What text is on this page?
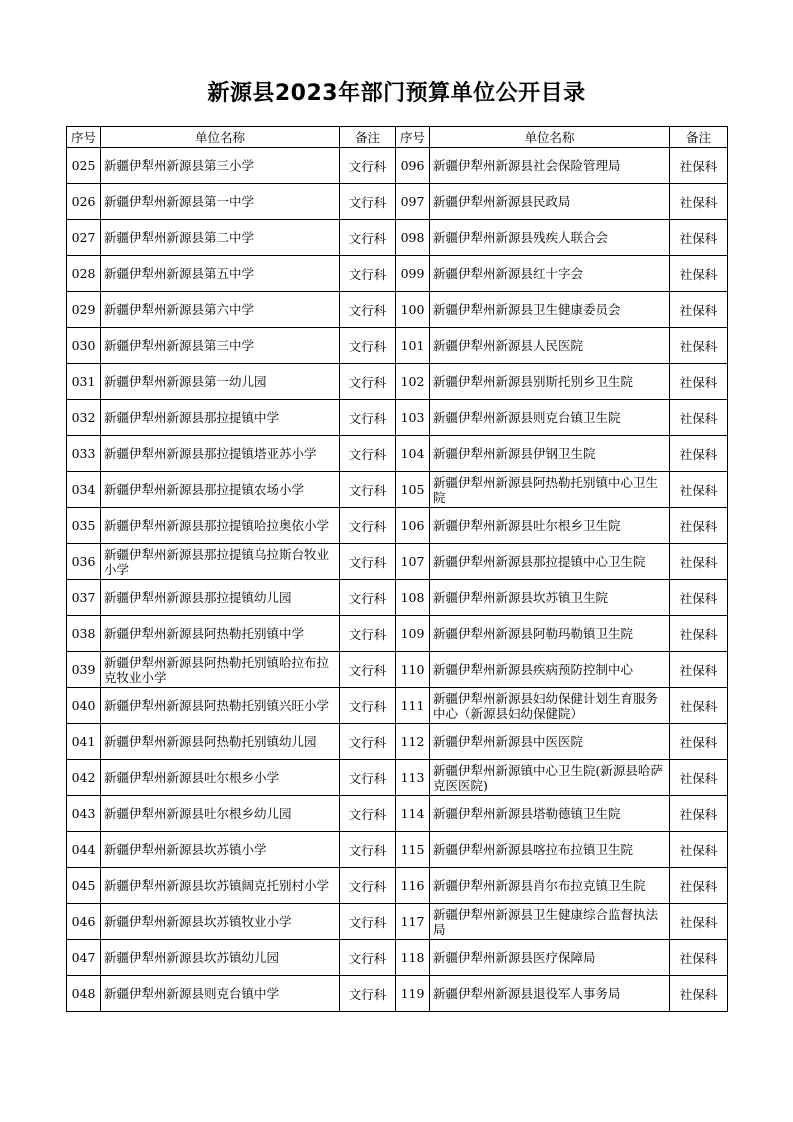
新源县2023年部门预算单位公开目录
序号	单位名称	备注	序号	单位名称	备注
025	新疆伊犁州新源县第三小学	文行科	096	新疆伊犁州新源县社会保险管理局	社保科
026	新疆伊犁州新源县第一中学	文行科	097	新疆伊犁州新源县民政局	社保科
027	新疆伊犁州新源县第二中学	文行科	098	新疆伊犁州新源县残疾人联合会	社保科
028	新疆伊犁州新源县第五中学	文行科	099	新疆伊犁州新源县红十字会	社保科
029	新疆伊犁州新源县第六中学	文行科	100	新疆伊犁州新源县卫生健康委员会	社保科
030	新疆伊犁州新源县第三中学	文行科	101	新疆伊犁州新源县人民医院	社保科
031	新疆伊犁州新源县第一幼儿园	文行科	102	新疆伊犁州新源县别斯托别乡卫生院	社保科
032	新疆伊犁州新源县那拉提镇中学	文行科	103	新疆伊犁州新源县则克台镇卫生院	社保科
033	新疆伊犁州新源县那拉提镇塔亚苏小学	文行科	104	新疆伊犁州新源县伊钢卫生院	社保科
034	新疆伊犁州新源县那拉提镇农场小学	文行科	105	新疆伊犁州新源县阿热勒托别镇中心卫生院	社保科
035	新疆伊犁州新源县那拉提镇哈拉奥依小学	文行科	106	新疆伊犁州新源县吐尔根乡卫生院	社保科
036	新疆伊犁州新源县那拉提镇乌拉斯台牧业小学	文行科	107	新疆伊犁州新源县那拉提镇中心卫生院	社保科
037	新疆伊犁州新源县那拉提镇幼儿园	文行科	108	新疆伊犁州新源县坎苏镇卫生院	社保科
038	新疆伊犁州新源县阿热勒托别镇中学	文行科	109	新疆伊犁州新源县阿勒玛勒镇卫生院	社保科
039	新疆伊犁州新源县阿热勒托别镇哈拉布拉克牧业小学	文行科	110	新疆伊犁州新源县疾病预防控制中心	社保科
040	新疆伊犁州新源县阿热勒托别镇兴旺小学	文行科	111	新疆伊犁州新源县妇幼保健计划生育服务中心（新源县妇幼保健院）	社保科
041	新疆伊犁州新源县阿热勒托别镇幼儿园	文行科	112	新疆伊犁州新源县中医医院	社保科
042	新疆伊犁州新源县吐尔根乡小学	文行科	113	新疆伊犁州新源镇中心卫生院(新源县哈萨克医医院)	社保科
043	新疆伊犁州新源县吐尔根乡幼儿园	文行科	114	新疆伊犁州新源县塔勒德镇卫生院	社保科
044	新疆伊犁州新源县坎苏镇小学	文行科	115	新疆伊犁州新源县喀拉布拉镇卫生院	社保科
045	新疆伊犁州新源县坎苏镇阔克托别村小学	文行科	116	新疆伊犁州新源县肖尔布拉克镇卫生院	社保科
046	新疆伊犁州新源县坎苏镇牧业小学	文行科	117	新疆伊犁州新源县卫生健康综合监督执法局	社保科
047	新疆伊犁州新源县坎苏镇幼儿园	文行科	118	新疆伊犁州新源县医疗保障局	社保科
048	新疆伊犁州新源县则克台镇中学	文行科	119	新疆伊犁州新源县退役军人事务局	社保科
